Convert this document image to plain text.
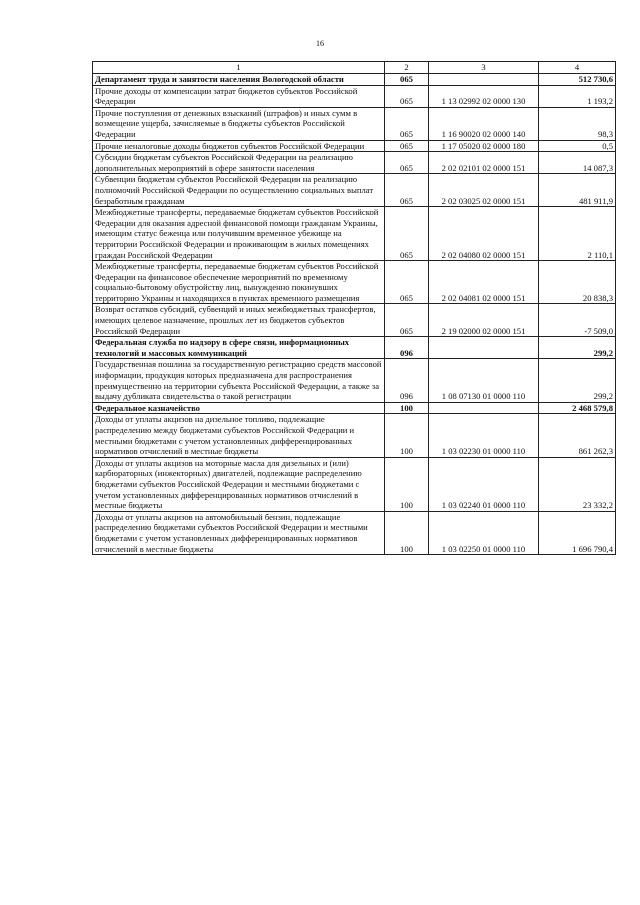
16
1	2	3	4
Департамент труда и занятости населения Вологодской области	065		512 730,6
Прочие доходы от компенсации затрат бюджетов субъектов Российской Федерации	065	1 13 02992 02 0000 130	1 193,2
Прочие поступления от денежных взысканий (штрафов) и иных сумм в возмещение ущерба, зачисляемые в бюджеты субъектов Российской Федерации	065	1 16 90020 02 0000 140	98,3
Прочие неналоговые доходы бюджетов субъектов Российской Федерации	065	1 17 05020 02 0000 180	0,5
Субсидии бюджетам субъектов Российской Федерации на реализацию дополнительных мероприятий в сфере занятости населения	065	2 02 02101 02 0000 151	14 087,3
Субвенции бюджетам субъектов Российской Федерации на реализацию полномочий Российской Федерации по осуществлению социальных выплат безработным гражданам	065	2 02 03025 02 0000 151	481 911,9
Межбюджетные трансферты, передаваемые бюджетам субъектов Российской Федерации для оказания адресной финансовой помощи гражданам Украины, имеющим статус беженца или получившим временное убежище на территории Российской Федерации и проживающим в жилых помещениях граждан Российской Федерации	065	2 02 04080 02 0000 151	2 110,1
Межбюджетные трансферты, передаваемые бюджетам субъектов Российской Федерации на финансовое обеспечение мероприятий по временному социально-бытовому обустройству лиц, вынужденно покинувших территорию Украины и находящихся в пунктах временного размещения	065	2 02 04081 02 0000 151	20 838,3
Возврат остатков субсидий, субвенций и иных межбюджетных трансфертов, имеющих целевое назначение, прошлых лет из бюджетов субъектов Российской Федерации	065	2 19 02000 02 0000 151	-7 509,0
Федеральная служба по надзору в сфере связи, информационных технологий и массовых коммуникаций	096		299,2
Государственная пошлина за государственную регистрацию средств массовой информации, продукция которых предназначена для распространения преимущественно на территории субъекта Российской Федерации, а также за выдачу дубликата свидетельства о такой регистрации	096	1 08 07130 01 0000 110	299,2
Федеральное казначейство	100		2 468 579,8
Доходы от уплаты акцизов на дизельное топливо, подлежащие распределению между бюджетами субъектов Российской Федерации и местными бюджетами с учетом установленных дифференцированных нормативов отчислений в местные бюджеты	100	1 03 02230 01 0000 110	861 262,3
Доходы от уплаты акцизов на моторные масла для дизельных и (или) карбюраторных (инжекторных) двигателей, подлежащие распределению бюджетами субъектов Российской Федерации и местными бюджетами с учетом установленных дифференцированных нормативов отчислений в местные бюджеты	100	1 03 02240 01 0000 110	23 332,2
Доходы от уплаты акцизов на автомобильный бензин, подлежащие распределению бюджетами субъектов Российской Федерации и местными бюджетами с учетом установленных дифференцированных нормативов отчислений в местные бюджеты	100	1 03 02250 01 0000 110	1 696 790,4
